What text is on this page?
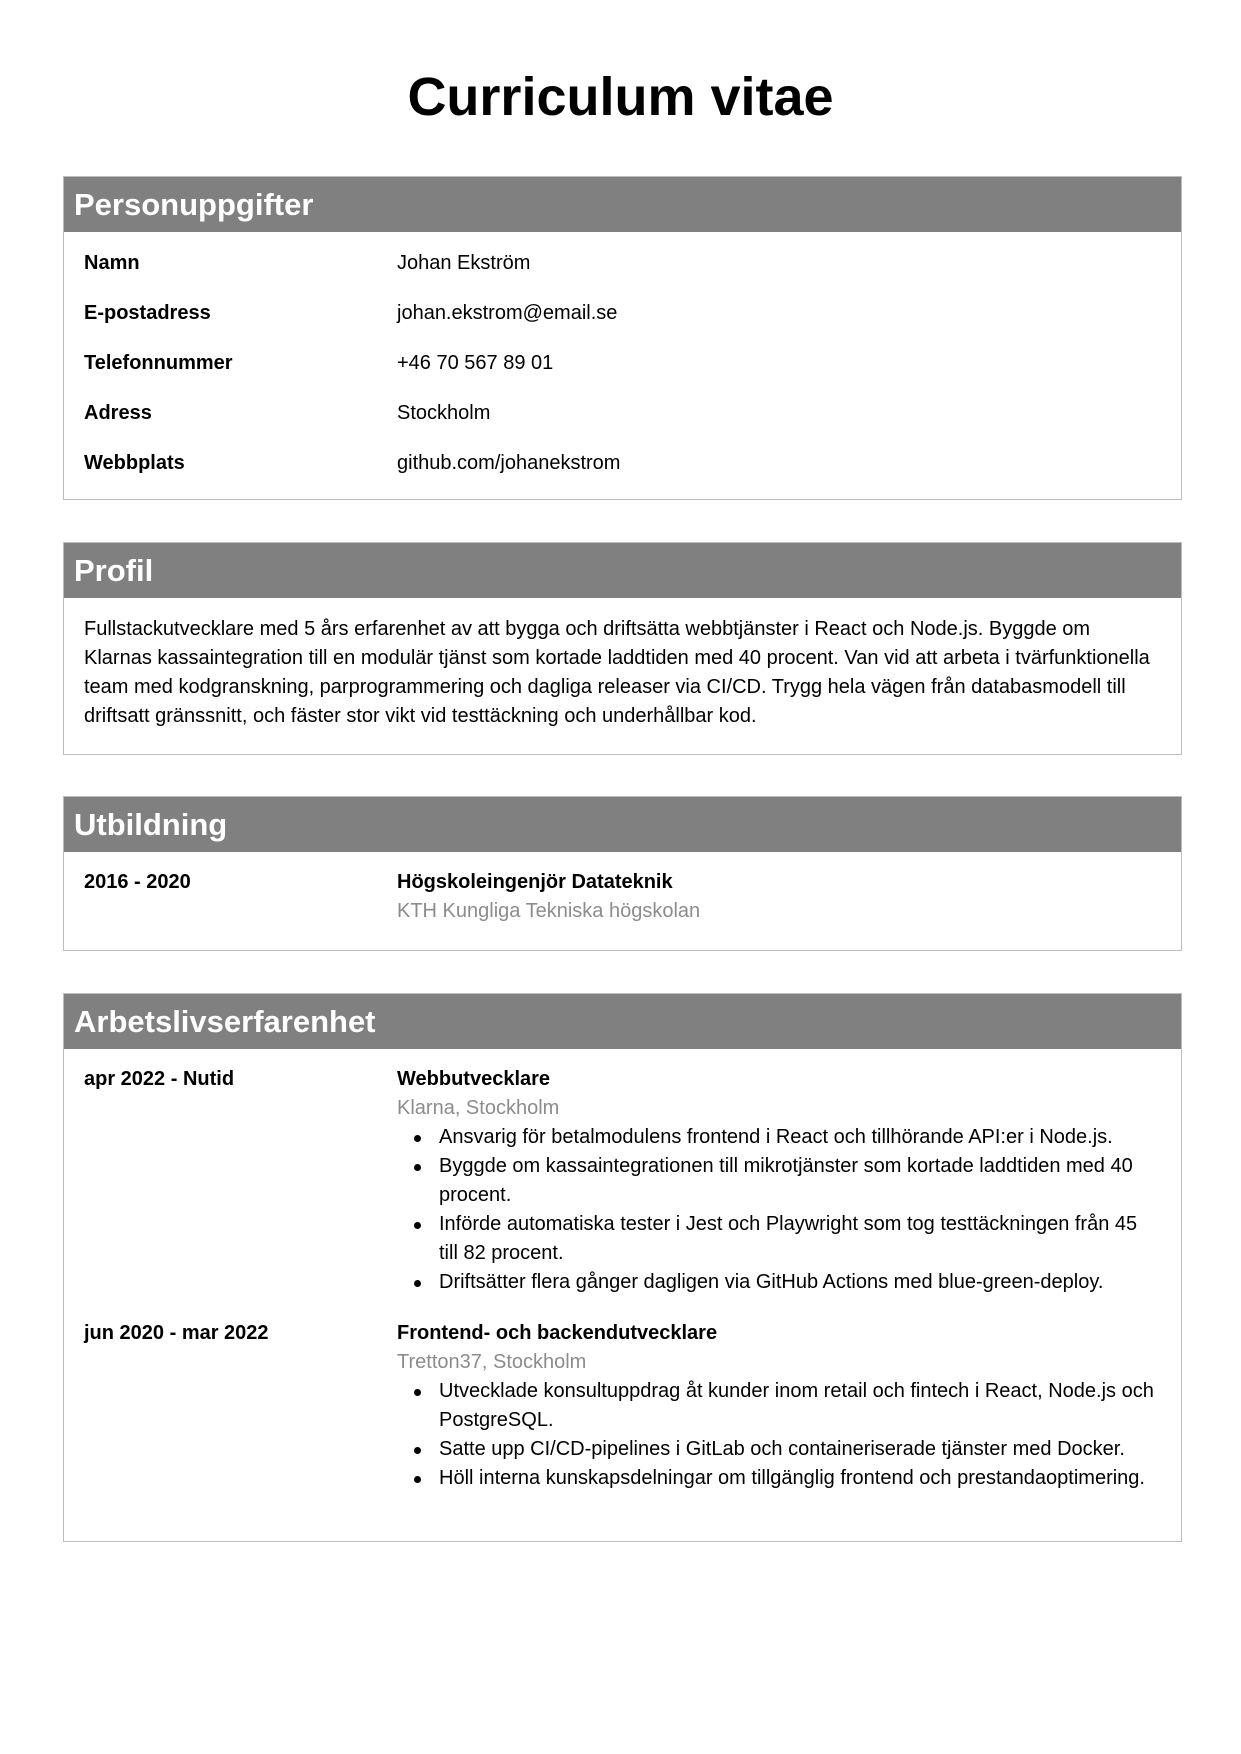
Curriculum vitae
Personuppgifter
Namn	Johan Ekström
E-postadress	johan.ekstrom@email.se
Telefonnummer	+46 70 567 89 01
Adress	Stockholm
Webbplats	github.com/johanekstrom
Profil

Fullstackutvecklare med 5 års erfarenhet av att bygga och driftsätta webbtjänster i React och Node.js. Byggde om Klarnas kassaintegration till en modulär tjänst som kortade laddtiden med 40 procent. Van vid att arbeta i tvärfunktionella team med kodgranskning, parprogrammering och dagliga releaser via CI/CD. Trygg hela vägen från databasmodell till driftsatt gränssnitt, och fäster stor vikt vid testtäckning och underhållbar kod.

Utbildning
2016 - 2020	Högskoleingenjör Datateknik
KTH Kungliga Tekniska högskolan
Arbetslivserfarenhet
apr 2022 - Nutid	Webbutvecklare
Klarna, Stockholm
Ansvarig för betalmodulens frontend i React och tillhörande API:er i Node.js.
Byggde om kassaintegrationen till mikrotjänster som kortade laddtiden med 40 procent.
Införde automatiska tester i Jest och Playwright som tog testtäckningen från 45 till 82 procent.
Driftsätter flera gånger dagligen via GitHub Actions med blue-green-deploy.
jun 2020 - mar 2022	Frontend- och backendutvecklare
Tretton37, Stockholm
Utvecklade konsultuppdrag åt kunder inom retail och fintech i React, Node.js och PostgreSQL.
Satte upp CI/CD-pipelines i GitLab och containeriserade tjänster med Docker.
Höll interna kunskapsdelningar om tillgänglig frontend och prestandaoptimering.
